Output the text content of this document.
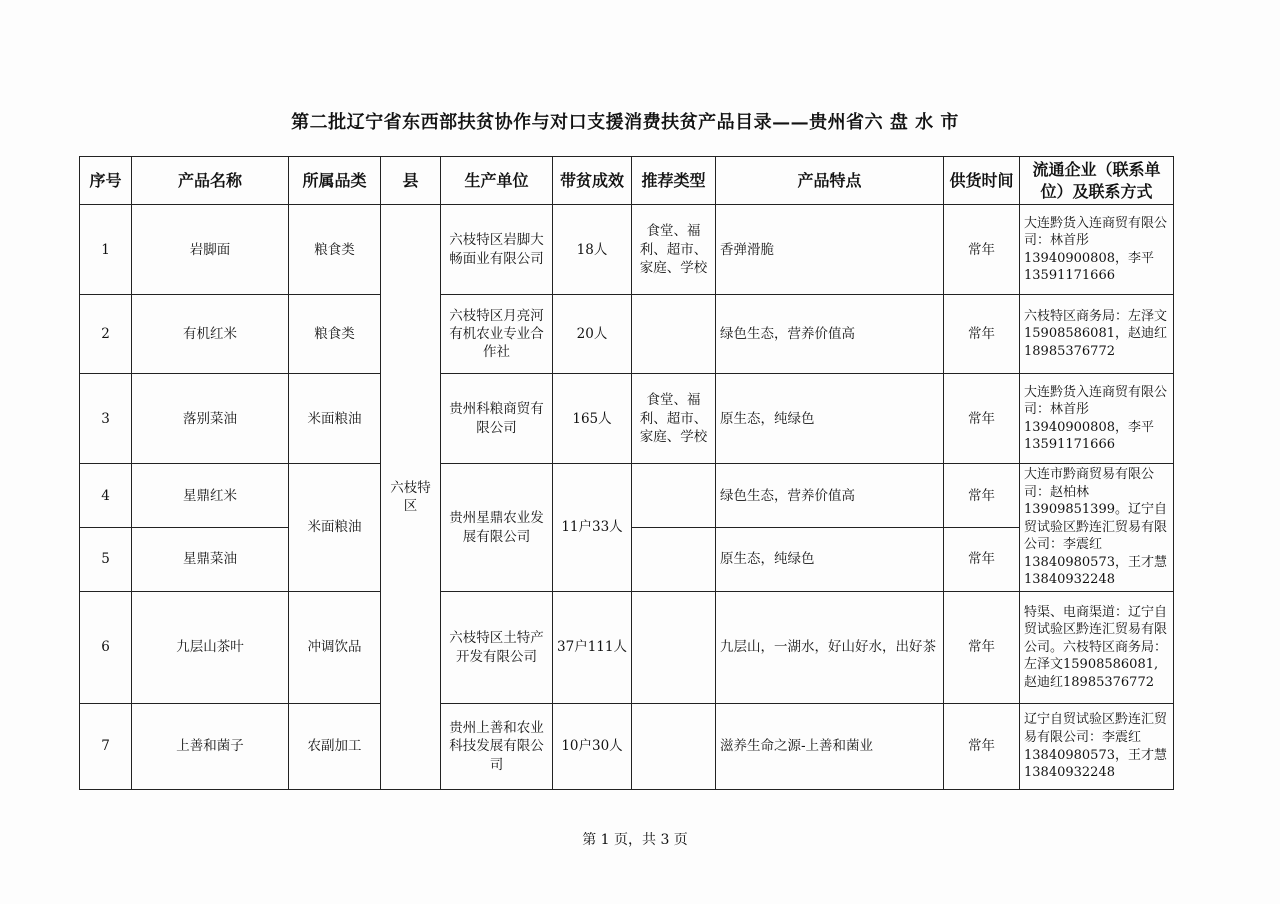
第二批辽宁省东西部扶贫协作与对口支援消费扶贫产品目录——贵州省六 盘 水 市
序号	产品名称	所属品类	县	生产单位	带贫成效	推荐类型	产品特点	供货时间	流通企业（联系单位）及联系方式
1	岩脚面	粮食类	六枝特区	六枝特区岩脚大畅面业有限公司	18人	食堂、福利、超市、家庭、学校	香弹滑脆	常年	大连黔货入连商贸有限公司：林首彤13940900808，李平13591171666
2	有机红米	粮食类		六枝特区月亮河有机农业专业合作社	20人		绿色生态，营养价值高	常年	六枝特区商务局：左泽文15908586081，赵迪红18985376772
3	落别菜油	米面粮油		贵州科粮商贸有限公司	165人	食堂、福利、超市、家庭、学校	原生态，纯绿色	常年	大连黔货入连商贸有限公司：林首彤13940900808，李平13591171666
4	星鼎红米	米面粮油		贵州星鼎农业发展有限公司	11户33人		绿色生态，营养价值高	常年	大连市黔商贸易有限公司：赵柏林13909851399。辽宁自贸试验区黔连汇贸易有限公司：李震红13840980573，王才慧13840932248
5	星鼎菜油						原生态，纯绿色	常年	
6	九层山茶叶	冲调饮品		六枝特区土特产开发有限公司	37户111人		九层山，一湖水，好山好水，出好茶	常年	特渠、电商渠道：辽宁自贸试验区黔连汇贸易有限公司。六枝特区商务局：左泽文15908586081,赵迪红18985376772
7	上善和菌子	农副加工		贵州上善和农业科技发展有限公司	10户30人		滋养生命之源-上善和菌业	常年	辽宁自贸试验区黔连汇贸易有限公司：李震红13840980573，王才慧13840932248
第 1 页，共 3 页
